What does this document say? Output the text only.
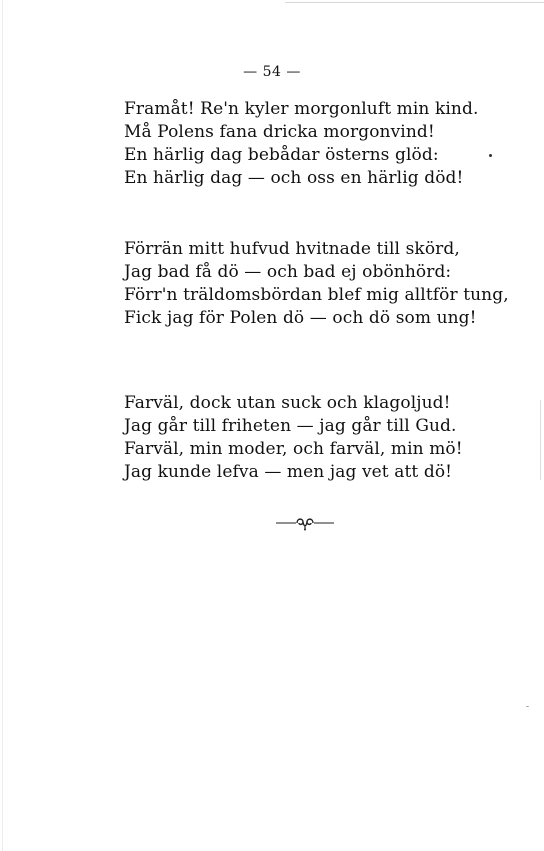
— 54 —
Framåt! Re'n kyler morgonluft min kind.
Må Polens fana dricka morgonvind!
En härlig dag bebådar österns glöd:
En härlig dag — och oss en härlig död!
Förrän mitt hufvud hvitnade till skörd,
Jag bad få dö — och bad ej obönhörd:
Förr'n träldomsbördan blef mig alltför tung,
Fick jag för Polen dö — och dö som ung!
Farväl, dock utan suck och klagoljud!
Jag går till friheten — jag går till Gud.
Farväl, min moder, och farväl, min mö!
Jag kunde lefva — men jag vet att dö!
